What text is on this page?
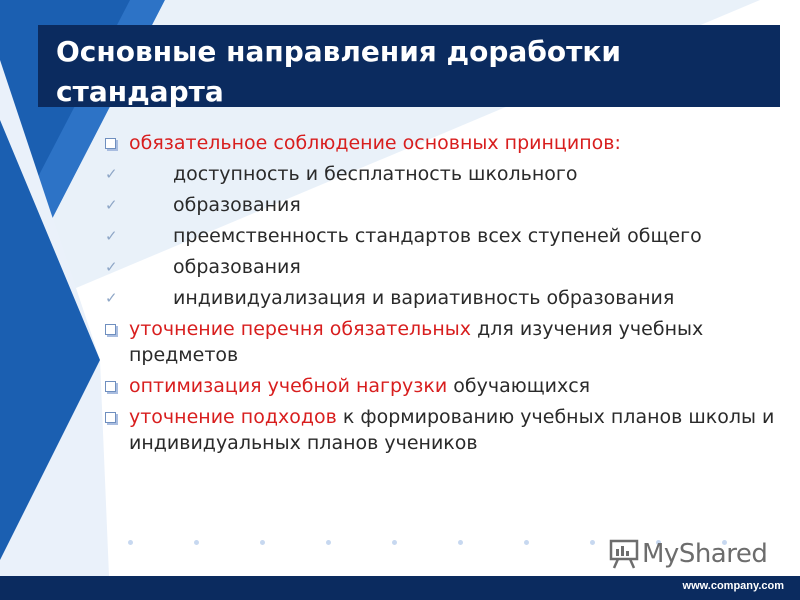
Основные направления доработки стандарта
обязательное соблюдение основных принципов:
✓	доступность и бесплатность школьного
✓	образования
✓	преемственность стандартов всех ступеней общего
✓	образования
✓	индивидуализация и вариативность образования
уточнение перечня обязательных для изучения учебных предметов
оптимизация учебной нагрузки обучающихся
уточнение подходов к формированию учебных планов школы и индивидуальных планов учеников
MyShared
www.company.com
